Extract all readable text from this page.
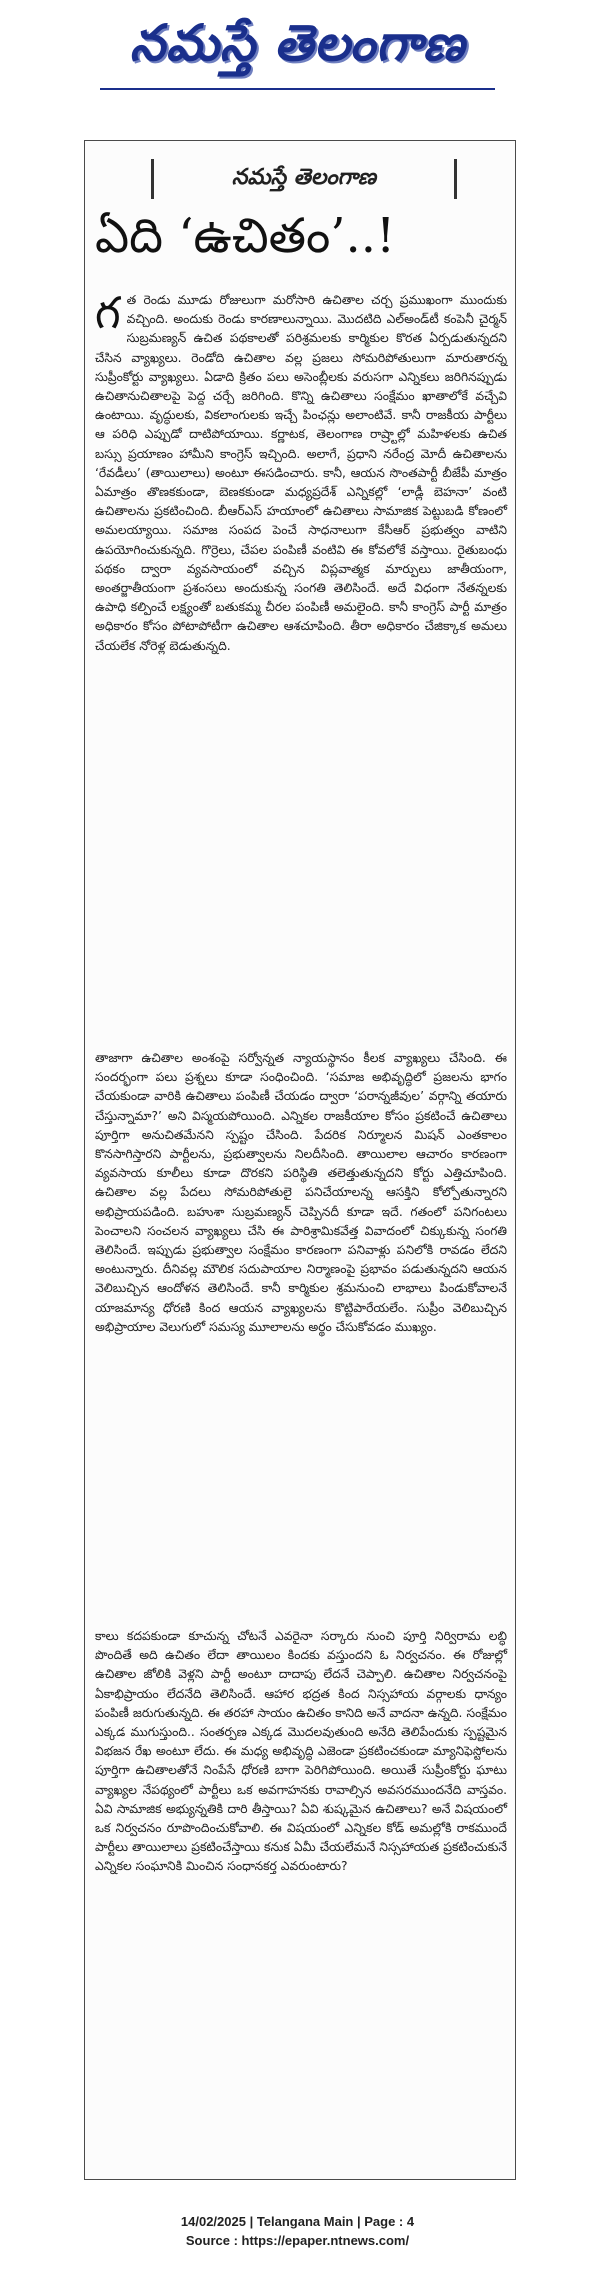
నమస్తే తెలంగాణ
నమస్తే తెలంగాణ
ఏది ‘ఉచితం’..!
గత రెండు మూడు రోజులుగా మరోసారి ఉచితాల చర్చ ప్రముఖంగా ముందుకు వచ్చింది. అందుకు రెండు కారణాలున్నాయి. మొదటిది ఎల్‌అండ్‌టీ కంపెనీ చైర్మన్ సుబ్రమణ్యన్ ఉచిత పథకాలతో పరిశ్రమలకు కార్మికుల కొరత ఏర్పడుతున్నదని చేసిన వ్యాఖ్యలు. రెండోది ఉచితాల వల్ల ప్రజలు సోమరిపోతులుగా మారుతారన్న సుప్రీంకోర్టు వ్యాఖ్యలు. ఏడాది క్రితం పలు అసెంబ్లీలకు వరుసగా ఎన్నికలు జరిగినప్పుడు ఉచితానుచితాలపై పెద్ద చర్చే జరిగింది. కొన్ని ఉచితాలు సంక్షేమం ఖాతాలోకే వచ్చేవి ఉంటాయి. వృద్ధులకు, వికలాంగులకు ఇచ్చే పింఛన్లు అలాంటివే. కానీ రాజకీయ పార్టీలు ఆ పరిధి ఎప్పుడో దాటిపోయాయి. కర్ణాటక, తెలంగాణ రాష్ర్టాల్లో మహిళలకు ఉచిత బస్సు ప్రయాణం హామీని కాంగ్రెస్ ఇచ్చింది. అలాగే, ప్రధాని నరేంద్ర మోదీ ఉచితాలను ‘రేవడీలు’ (తాయిలాలు) అంటూ ఈసడించారు. కానీ, ఆయన సొంతపార్టీ బీజేపీ మాత్రం ఏమాత్రం తొణకకుండా, బెణకకుండా మధ్యప్రదేశ్ ఎన్నికల్లో ‘లాడ్లీ బెహనా’ వంటి ఉచితాలను ప్రకటించింది. బీఆర్‌ఎస్ హయాంలో ఉచితాలు సామాజిక పెట్టుబడి కోణంలో అమలయ్యాయి. సమాజ సంపద పెంచే సాధనాలుగా కేసీఆర్ ప్రభుత్వం వాటిని ఉపయోగించుకున్నది. గొర్రెలు, చేపల పంపిణీ వంటివి ఈ కోవలోకే వస్తాయి. రైతుబంధు పథకం ద్వారా వ్యవసాయంలో వచ్చిన విప్లవాత్మక మార్పులు జాతీయంగా, అంతర్జాతీయంగా ప్రశంసలు అందుకున్న సంగతి తెలిసిందే. అదే విధంగా నేతన్నలకు ఉపాధి కల్పించే లక్ష్యంతో బతుకమ్మ చీరల పంపిణీ అమలైంది. కానీ కాంగ్రెస్ పార్టీ మాత్రం అధికారం కోసం పోటాపోటీగా ఉచితాల ఆశచూపింది. తీరా అధికారం చేజిక్కాక అమలు చేయలేక నోరెళ్ల బెడుతున్నది.
తాజాగా ఉచితాల అంశంపై సర్వోన్నత న్యాయస్థానం కీలక వ్యాఖ్యలు చేసింది. ఈ సందర్భంగా పలు ప్రశ్నలు కూడా సంధించింది. ‘సమాజ అభివృద్ధిలో ప్రజలను భాగం చేయకుండా వారికి ఉచితాలు పంపిణీ చేయడం ద్వారా ‘పరాన్నజీవుల’ వర్గాన్ని తయారు చేస్తున్నామా?’ అని విస్మయపోయింది. ఎన్నికల రాజకీయాల కోసం ప్రకటించే ఉచితాలు పూర్తిగా అనుచితమేనని స్పష్టం చేసింది. పేదరిక నిర్మూలన మిషన్ ఎంతకాలం కొనసాగిస్తారని పార్టీలను, ప్రభుత్వాలను నిలదీసింది. తాయిలాల ఆచారం కారణంగా వ్యవసాయ కూలీలు కూడా దొరకని పరిస్థితి తలెత్తుతున్నదని కోర్టు ఎత్తిచూపింది. ఉచితాల వల్ల పేదలు సోమరిపోతులై పనిచేయాలన్న ఆసక్తిని కోల్పోతున్నారని అభిప్రాయపడింది. బహుశా సుబ్రమణ్యన్ చెప్పినదీ కూడా ఇదే. గతంలో పనిగంటలు పెంచాలని సంచలన వ్యాఖ్యలు చేసి ఈ పారిశ్రామికవేత్త వివాదంలో చిక్కుకున్న సంగతి తెలిసిందే. ఇప్పుడు ప్రభుత్వాల సంక్షేమం కారణంగా పనివాళ్లు పనిలోకి రావడం లేదని అంటున్నారు. దీనివల్ల మౌలిక సదుపాయాల నిర్మాణంపై ప్రభావం పడుతున్నదని ఆయన వెలిబుచ్చిన ఆందోళన తెలిసిందే. కానీ కార్మికుల శ్రమనుంచి లాభాలు పిండుకోవాలనే యాజమాన్య ధోరణి కింద ఆయన వ్యాఖ్యలను కొట్టిపారేయలేం. సుప్రీం వెలిబుచ్చిన అభిప్రాయాల వెలుగులో సమస్య మూలాలను అర్థం చేసుకోవడం ముఖ్యం.
కాలు కదపకుండా కూచున్న చోటనే ఎవరైనా సర్కారు నుంచి పూర్తి నిర్విరామ లబ్ధి పొందితే అది ఉచితం లేదా తాయిలం కిందకు వస్తుందని ఓ నిర్వచనం. ఈ రోజుల్లో ఉచితాల జోలికి వెళ్లని పార్టీ అంటూ దాదాపు లేదనే చెప్పాలి. ఉచితాల నిర్వచనంపై ఏకాభిప్రాయం లేదనేది తెలిసిందే. ఆహార భద్రత కింద నిస్సహాయ వర్గాలకు ధాన్యం పంపిణీ జరుగుతున్నది. ఈ తరహా సాయం ఉచితం కానిది అనే వాదనా ఉన్నది. సంక్షేమం ఎక్కడ ముగుస్తుంది.. సంతర్పణ ఎక్కడ మొదలవుతుంది అనేది తెలిపేందుకు స్పష్టమైన విభజన రేఖ అంటూ లేదు. ఈ మధ్య అభివృద్ధి ఎజెండా ప్రకటించకుండా మ్యానిఫెస్టోలను పూర్తిగా ఉచితాలతోనే నింపేసే ధోరణి బాగా పెరిగిపోయింది. అయితే సుప్రీంకోర్టు ఘాటు వ్యాఖ్యల నేపథ్యంలో పార్టీలు ఒక అవగాహనకు రావాల్సిన అవసరముందనేది వాస్తవం. ఏవి సామాజిక అభ్యున్నతికి దారి తీస్తాయి? ఏవి శుష్కమైన ఉచితాలు? అనే విషయంలో ఒక నిర్వచనం రూపొందించుకోవాలి. ఈ విషయంలో ఎన్నికల కోడ్ అమల్లోకి రాకముందే పార్టీలు తాయిలాలు ప్రకటించేస్తాయి కనుక ఏమీ చేయలేమనే నిస్సహాయత ప్రకటించుకునే ఎన్నికల సంఘానికి మించిన సంధానకర్త ఎవరుంటారు?
14/02/2025 | Telangana Main | Page : 4
Source : https://epaper.ntnews.com/
